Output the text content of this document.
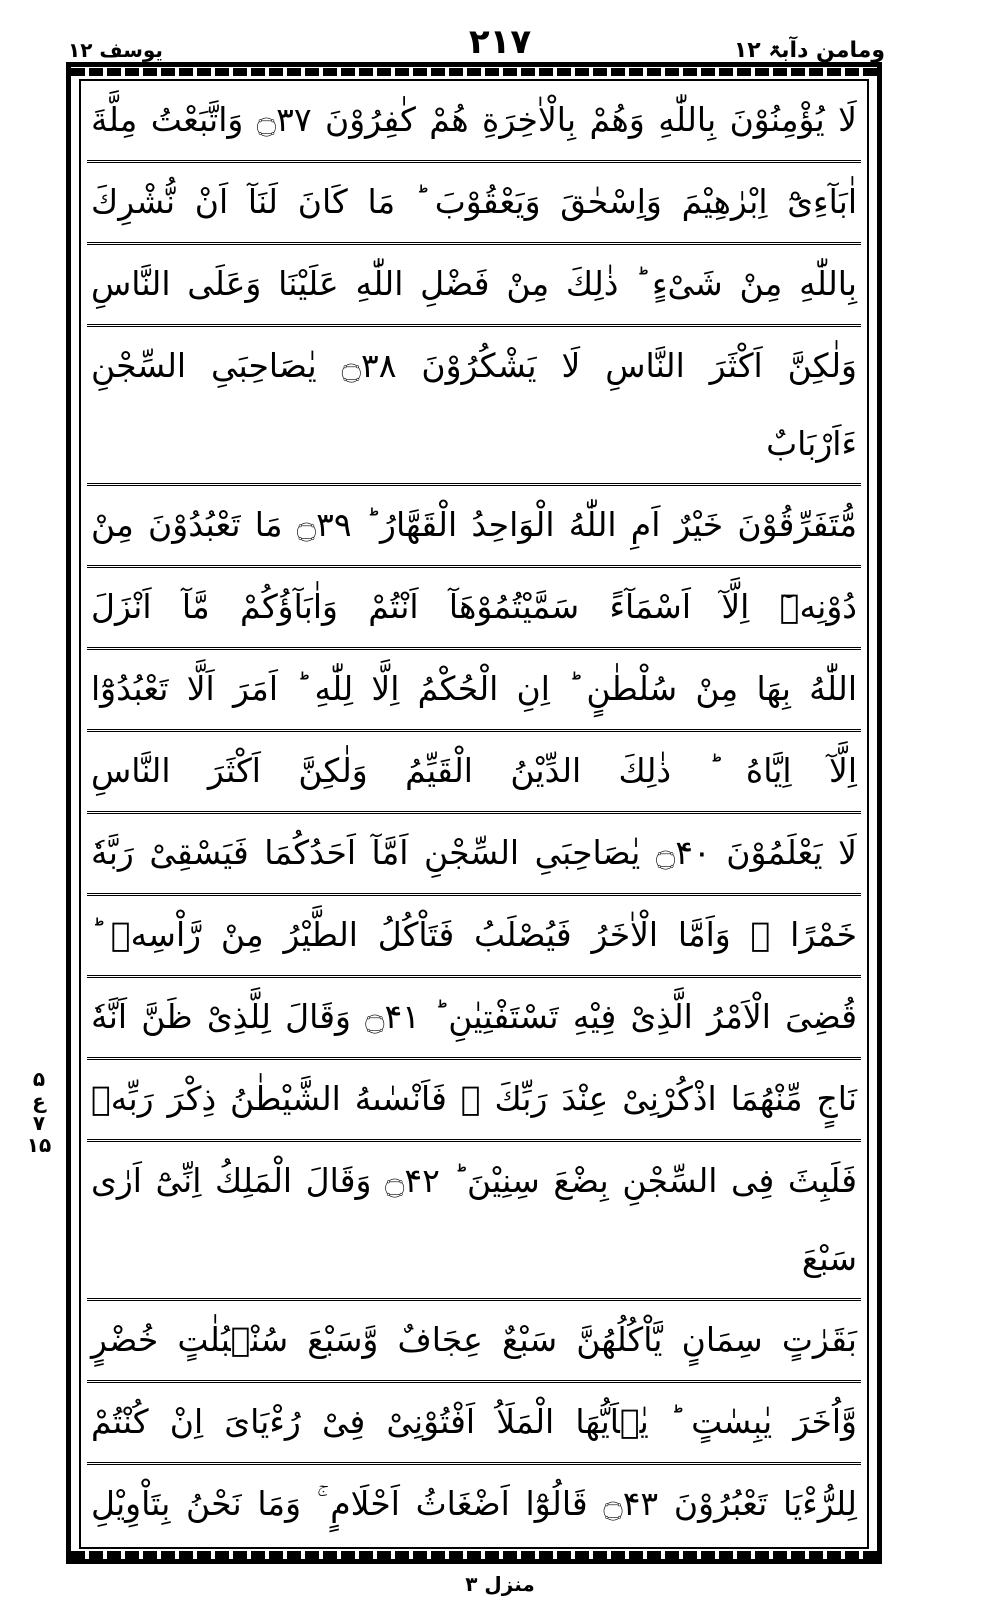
یوسف ۱۲	۲۱۷	ومامن دآبۃ ۱۲
۵
ع
۷
۱۵
لَا يُؤْمِنُوْنَ بِاللّٰهِ وَهُمْ بِالْاٰخِرَةِ هُمْ كٰفِرُوْنَ ۝۳۷ وَاتَّبَعْتُ مِلَّةَ
اٰبَآءِیْٓ اِبْرٰهِیْمَ وَاِسْحٰقَ وَیَعْقُوْبَ ؕ مَا كَانَ لَنَآ اَنْ نُّشْرِكَ
بِاللّٰهِ مِنْ شَیْءٍ ؕ ذٰلِكَ مِنْ فَضْلِ اللّٰهِ عَلَیْنَا وَعَلَی النَّاسِ
وَلٰكِنَّ اَكْثَرَ النَّاسِ لَا یَشْكُرُوْنَ ۝۳۸ یٰصَاحِبَیِ السِّجْنِ ءَاَرْبَابٌ
مُّتَفَرِّقُوْنَ خَیْرٌ اَمِ اللّٰهُ الْوَاحِدُ الْقَهَّارُ ؕ ۝۳۹ مَا تَعْبُدُوْنَ مِنْ
دُوْنِهٖٓ اِلَّآ اَسْمَآءً سَمَّیْتُمُوْهَآ اَنْتُمْ وَاٰبَآؤُكُمْ مَّآ اَنْزَلَ
اللّٰهُ بِهَا مِنْ سُلْطٰنٍ ؕ اِنِ الْحُكْمُ اِلَّا لِلّٰهِ ؕ اَمَرَ اَلَّا تَعْبُدُوْٓا
اِلَّآ اِیَّاهُ ؕ ذٰلِكَ الدِّیْنُ الْقَیِّمُ وَلٰكِنَّ اَكْثَرَ النَّاسِ
لَا یَعْلَمُوْنَ ۝۴۰ یٰصَاحِبَیِ السِّجْنِ اَمَّآ اَحَدُكُمَا فَیَسْقِیْ رَبَّهٗ
خَمْرًا ۚ وَاَمَّا الْاٰخَرُ فَیُصْلَبُ فَتَاْكُلُ الطَّیْرُ مِنْ رَّاْسِهٖ ؕ
قُضِیَ الْاَمْرُ الَّذِیْ فِیْهِ تَسْتَفْتِیٰنِ ؕ ۝۴۱ وَقَالَ لِلَّذِیْ ظَنَّ اَنَّهٗ
نَاجٍ مِّنْهُمَا اذْكُرْنِیْ عِنْدَ رَبِّكَ ؗ فَاَنْسٰىهُ الشَّیْطٰنُ ذِكْرَ رَبِّهٖ
فَلَبِثَ فِی السِّجْنِ بِضْعَ سِنِیْنَ ؕ ۝۴۲ وَقَالَ الْمَلِكُ اِنِّیْٓ اَرٰی سَبْعَ
بَقَرٰتٍ سِمَانٍ یَّاْكُلُهُنَّ سَبْعٌ عِجَافٌ وَّسَبْعَ سُنْۢبُلٰتٍ خُضْرٍ
وَّاُخَرَ یٰبِسٰتٍ ؕ یٰۤاَیُّهَا الْمَلَاُ اَفْتُوْنِیْ فِیْ رُءْیَایَ اِنْ كُنْتُمْ
لِلرُّءْیَا تَعْبُرُوْنَ ۝۴۳ قَالُوْٓا اَضْغَاثُ اَحْلَامٍ ۚ وَمَا نَحْنُ بِتَاْوِیْلِ
منزل ۳
